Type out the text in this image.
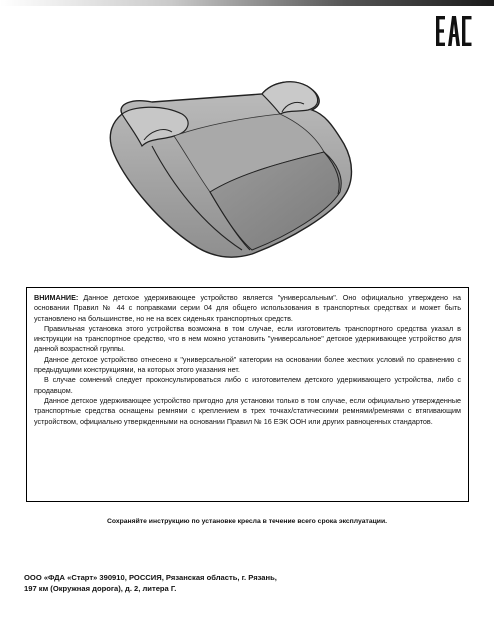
ВНИМАНИЕ: Данное детское удерживающее устройство является "универсальным". Оно официально утверждено на основании Правил № 44 с поправками серии 04 для общего использования в транспортных средствах и может быть установлено на большинстве, но не на всех сиденьях транспортных средств.

Правильная установка этого устройства возможна в том случае, если изготовитель транспортного средства указал в инструкции на транспортное средство, что в нем можно установить "универсальное" детское удерживающее устройство для данной возрастной группы.

Данное детское устройство отнесено к "универсальной" категории на основании более жестких условий по сравнению с предыдущими конструкциями, на которых этого указания нет.

В случае сомнений следует проконсультироваться либо с изготовителем детского удерживающего устройства, либо с продавцом.

Данное детское удерживающее устройство пригодно для установки только в том случае, если официально утвержденные транспортные средства оснащены ремнями с креплением в трех точках/статическими ремнями/ремнями с втягивающим устройством, официально утвержденными на основании Правил № 16 ЕЭК ООН или других равноценных стандартов.

Сохраняйте инструкцию по установке кресла в течение всего срока эксплуатации.
ООО «ФДА «Старт» 390910, РОССИЯ, Рязанская область, г. Рязань,
197 км (Окружная дорога), д. 2, литера Г.
